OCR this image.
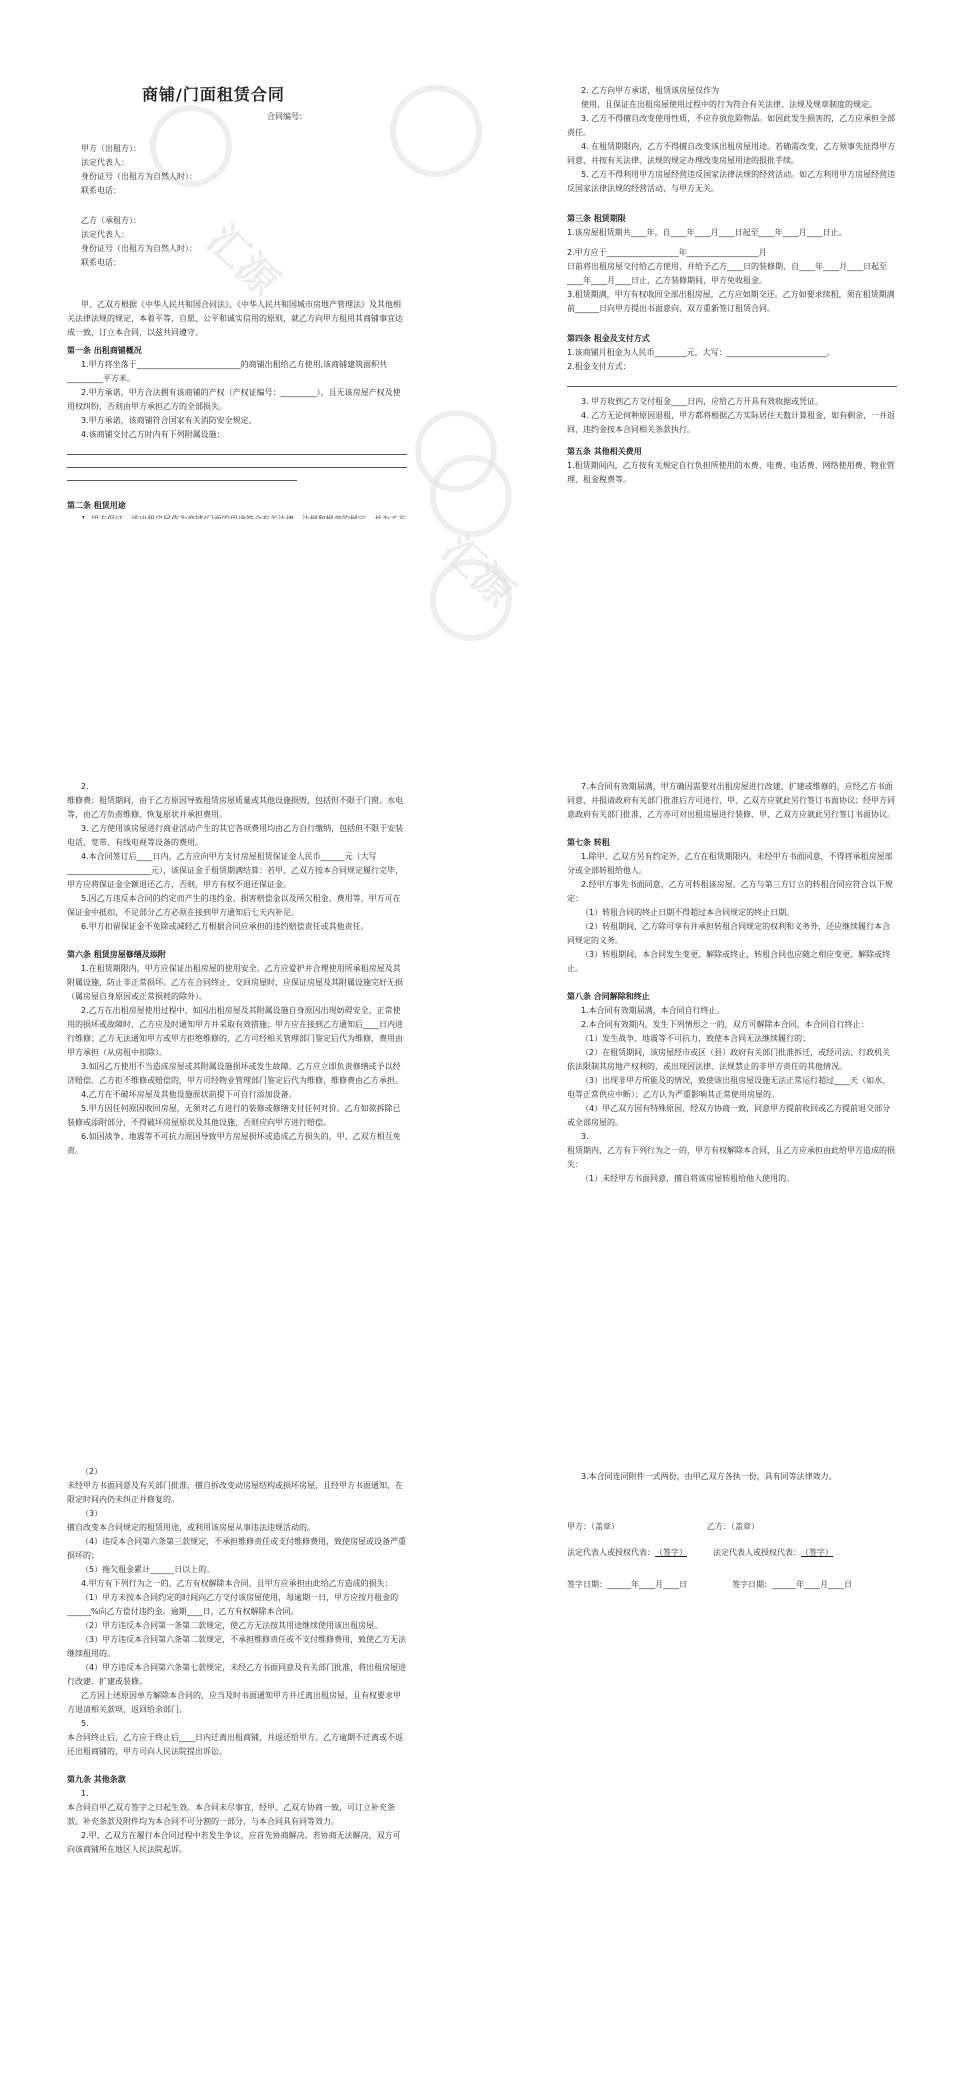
汇源

商铺/门面租赁合同

合同编号：

甲方（出租方）：

法定代表人：

身份证号（出租方为自然人时）：

联系电话：

乙方（承租方）：

法定代表人：

身份证号（出租方为自然人时）：

联系电话：

甲、乙双方根据《中华人民共和国合同法》、《中华人民共和国城市房地产管理法》及其他相关法律法规的规定，本着平等、自愿、公平和诚实信用的原则，就乙方向甲方租用其商铺事宜达成一致，订立本合同，以兹共同遵守。

第一条 出租商铺概况

1.甲方将坐落于__________________________的商铺出租给乙方使用,该商铺建筑面积共_________平方米。

2.甲方承诺，甲方合法拥有该商铺的产权（产权证编号：_________），且无该房屋产权及使用权纠纷，否则由甲方承担乙方的全部损失。

3.甲方承诺，该商铺符合国家有关消防安全规定。

4.该商铺交付乙方时内有下列附属设施：

第二条 租赁用途

2. 乙方向甲方承诺，租赁该房屋仅作为

使用，且保证在出租房屋使用过程中的行为符合有关法律、法规及规章制度的规定。

3. 乙方不得擅自改变使用性质，不应存放危险物品。如因此发生损害的，乙方应承担全部责任。

4. 在租赁期限内，乙方不得擅自改变该出租房屋用途。若确需改变，乙方须事先征得甲方同意，并按有关法律、法规的规定办理改变房屋用途的报批手续。

5. 乙方不得利用甲方房屋经营违反国家法律法规的经营活动。如乙方利用甲方房屋经营违反国家法律法规的经营活动，与甲方无关。

第三条 租赁期限

1.该房屋租赁期共____年，自____年____月____日起至____年____月____日止。

2.甲方应于__________________年__________________月

日前将出租房屋交付给乙方使用，并给予乙方____日的装修期，自____年____月____日起至____年____月____日止，乙方装修期间，甲方免收租金。

3.租赁期满，甲方有权收回全部出租房屋，乙方应如期交还。乙方如要求续租，须在租赁期满前______日向甲方提出书面意向，双方重新签订租赁合同。

第四条 租金及支付方式

1.该商铺月租金为人民币________元，大写：_________________________。

2.租金支付方式：

3. 甲方收到乙方交付租金____日内，应给乙方开具有效收据或凭证。

4. 乙方无论何种原因退租，甲方都将根据乙方实际居住天数计算租金，如有剩余，一并返回，违约金按本合同相关条款执行。

第五条 其他相关费用

1.租赁期间内，乙方按有关规定自行负担所使用的水费、电费、电话费、网络使用费、物业管理、租金税费等。

2.

维修费：租赁期间，由于乙方原因导致租赁房屋质量或其他设施损毁，包括但不限于门窗、水电等，由乙方负责维修、恢复原状并承担费用。

3. 乙方使用该房屋进行商业活动产生的其它各项费用均由乙方自行缴纳，包括但不限于安装电话、宽带、有线电视等设备的费用。

4.本合同签订后____日内，乙方应向甲方支付房屋租赁保证金人民币______元（大写_____________________元），该保证金于租赁期满结算：若甲、乙双方按本合同规定履行完毕，甲方应将保证金全额退还乙方，否则，甲方有权不退还保证金。

5.因乙方违反本合同的约定而产生的违约金、损害赔偿金以及所欠租金、费用等，甲方可在保证金中抵扣，不足部分乙方必须在接到甲方通知后七天内补足。

6.甲方扣留保证金不免除或减轻乙方根据合同应承担的违约赔偿责任或其他责任。

第六条 租赁房屋修缮及添附

1.在租赁期限内，甲方应保证出租房屋的使用安全。乙方应爱护并合理使用所承租房屋及其附属设施，防止非正常损坏。乙方在合同终止、交回房屋时，应保证房屋及其附属设施完好无损（属房屋自身原因或正常损耗的除外）。

2.乙方在出租房屋使用过程中，如因出租房屋及其附属设施自身原因出现妨碍安全、正常使用的损坏或故障时，乙方应及时通知甲方并采取有效措施；甲方应在接到乙方通知后____日内进行维修；乙方无法通知甲方或甲方拒绝维修的，乙方可经相关管理部门鉴定后代为维修，费用由甲方承担（从房租中扣除）。

3.如因乙方使用不当造成房屋或其附属设施损坏或发生故障，乙方应立即负责修缮或予以经济赔偿。乙方拒不维修或赔偿的，甲方可经物业管理部门鉴定后代为维修，维修费由乙方承担。

4.乙方在不破坏房屋及其他设施原状前提下可自行添加设备。

5.甲方因任何原因收回房屋，无须对乙方进行的装修或修缮支付任何对价。乙方如欲拆除已装修或添附部分，不得破坏房屋原状及其他设施，否则应向甲方进行赔偿。

6.如因战争、地震等不可抗力原因导致甲方房屋损坏或造成乙方损失的，甲、乙双方相互免责。

7.本合同有效期届满，甲方确因需要对出租房屋进行改建、扩建或维修的，应经乙方书面同意，并报请政府有关部门批准后方可进行，甲、乙双方应就此另行签订书面协议；经甲方同意政府有关部门批准，乙方亦可对出租房屋进行装修、甲、乙双方应就此另行签订书面协议。

第七条 转租

1.除甲、乙双方另有约定外，乙方在租赁期限内，未经甲方书面同意，不得将承租房屋部分或全部转租给他人。

2.经甲方事先书面同意，乙方可转租该房屋。乙方与第三方订立的转租合同应符合以下规定：

（1）转租合同的终止日期不得超过本合同规定的终止日期。

（2）转租期间，乙方除可享有并承担转租合同规定的权利和义务外，还应继续履行本合同规定的义务。

（3）转租期间，本合同发生变更、解除或终止，转租合同也应随之相应变更、解除或终止。

第八条 合同解除和终止

1.本合同有效期届满，本合同自行终止。

2.本合同有效期内，发生下列情形之一的，双方可解除本合同，本合同自行终止：

（1）发生战争、地震等不可抗力，致使本合同无法继续履行的；

（2）在租赁期间，该房屋经市或区（县）政府有关部门批准拆迁，或经司法、行政机关依法限制其房地产权利的，或出现因法律、法规禁止的非甲方责任的其他情况。

（3）出现非甲方所能及的情况，致使该出租房屋设施无法正常运行超过____天（如水、电等正常供应中断）；乙方认为严重影响其正常使用房屋的。

（4）甲乙双方因有特殊原因，经双方协商一致，同意甲方提前收回或乙方提前退交部分或全部房屋的。

3.

租赁期内，乙方有下列行为之一的，甲方有权解除本合同，且乙方应承担由此给甲方造成的损失：

（1）未经甲方书面同意，擅自将该房屋转租给他人使用的。

（2）

未经甲方书面同意及有关部门批准，擅自拆改变动房屋结构或损坏房屋，且经甲方书面通知，在限定时间内仍未纠正并修复的。

（3）

擅自改变本合同规定的租赁用途，或利用该房屋从事违法违规活动的。

（4）违反本合同第六条第三款规定，不承担维修责任或支付维修费用，致使房屋或设备严重损坏的；

（5）拖欠租金累计______日以上的。

4.甲方有下列行为之一的，乙方有权解除本合同，且甲方应承担由此给乙方造成的损失：

（1）甲方未按本合同约定的时间向乙方交付该房屋使用，每逾期一日，甲方应按月租金的______%向乙方偿付违约金。逾期____日，乙方有权解除本合同。

（2）甲方违反本合同第一条第二款规定，使乙方无法按其用途继续使用该出租房屋。

（3）甲方违反本合同第六条第二款规定，不承担维修责任或不支付维修费用，致使乙方无法继续租用的。

（4）甲方违反本合同第六条第七款规定，未经乙方书面同意及有关部门批准，将出租房屋进行改建、扩建或装修。

乙方因上述原因单方解除本合同的，应当及时书面通知甲方并迁离出租房屋，且有权要求甲方退清相关款项，返回给余部门。

5.

本合同终止后，乙方应于终止后____日内迁离出租商铺，并返还给甲方。乙方逾期不迁离或不返还出租商铺的，甲方可向人民法院提出诉讼。

第九条 其他条款

1.

本合同自甲乙双方签字之日起生效。本合同未尽事宜，经甲、乙双方协商一致，可订立补充条款。补充条款及附件均为本合同不可分割的一部分，与本合同具有同等效力。

2.甲、乙双方在履行本合同过程中若发生争议，应首先协商解决。若协商无法解决，双方可向该商铺所在地区人民法院起诉。

3.本合同连同附件一式两份，由甲乙双方各执一份，具有同等法律效力。

甲方：（盖章）	乙方：（盖章）
法定代表人或授权代表： （签字）	法定代表人或授权代表： （签字）
签字日期：______年____月____日	签字日期：______年____月____日
汇源
